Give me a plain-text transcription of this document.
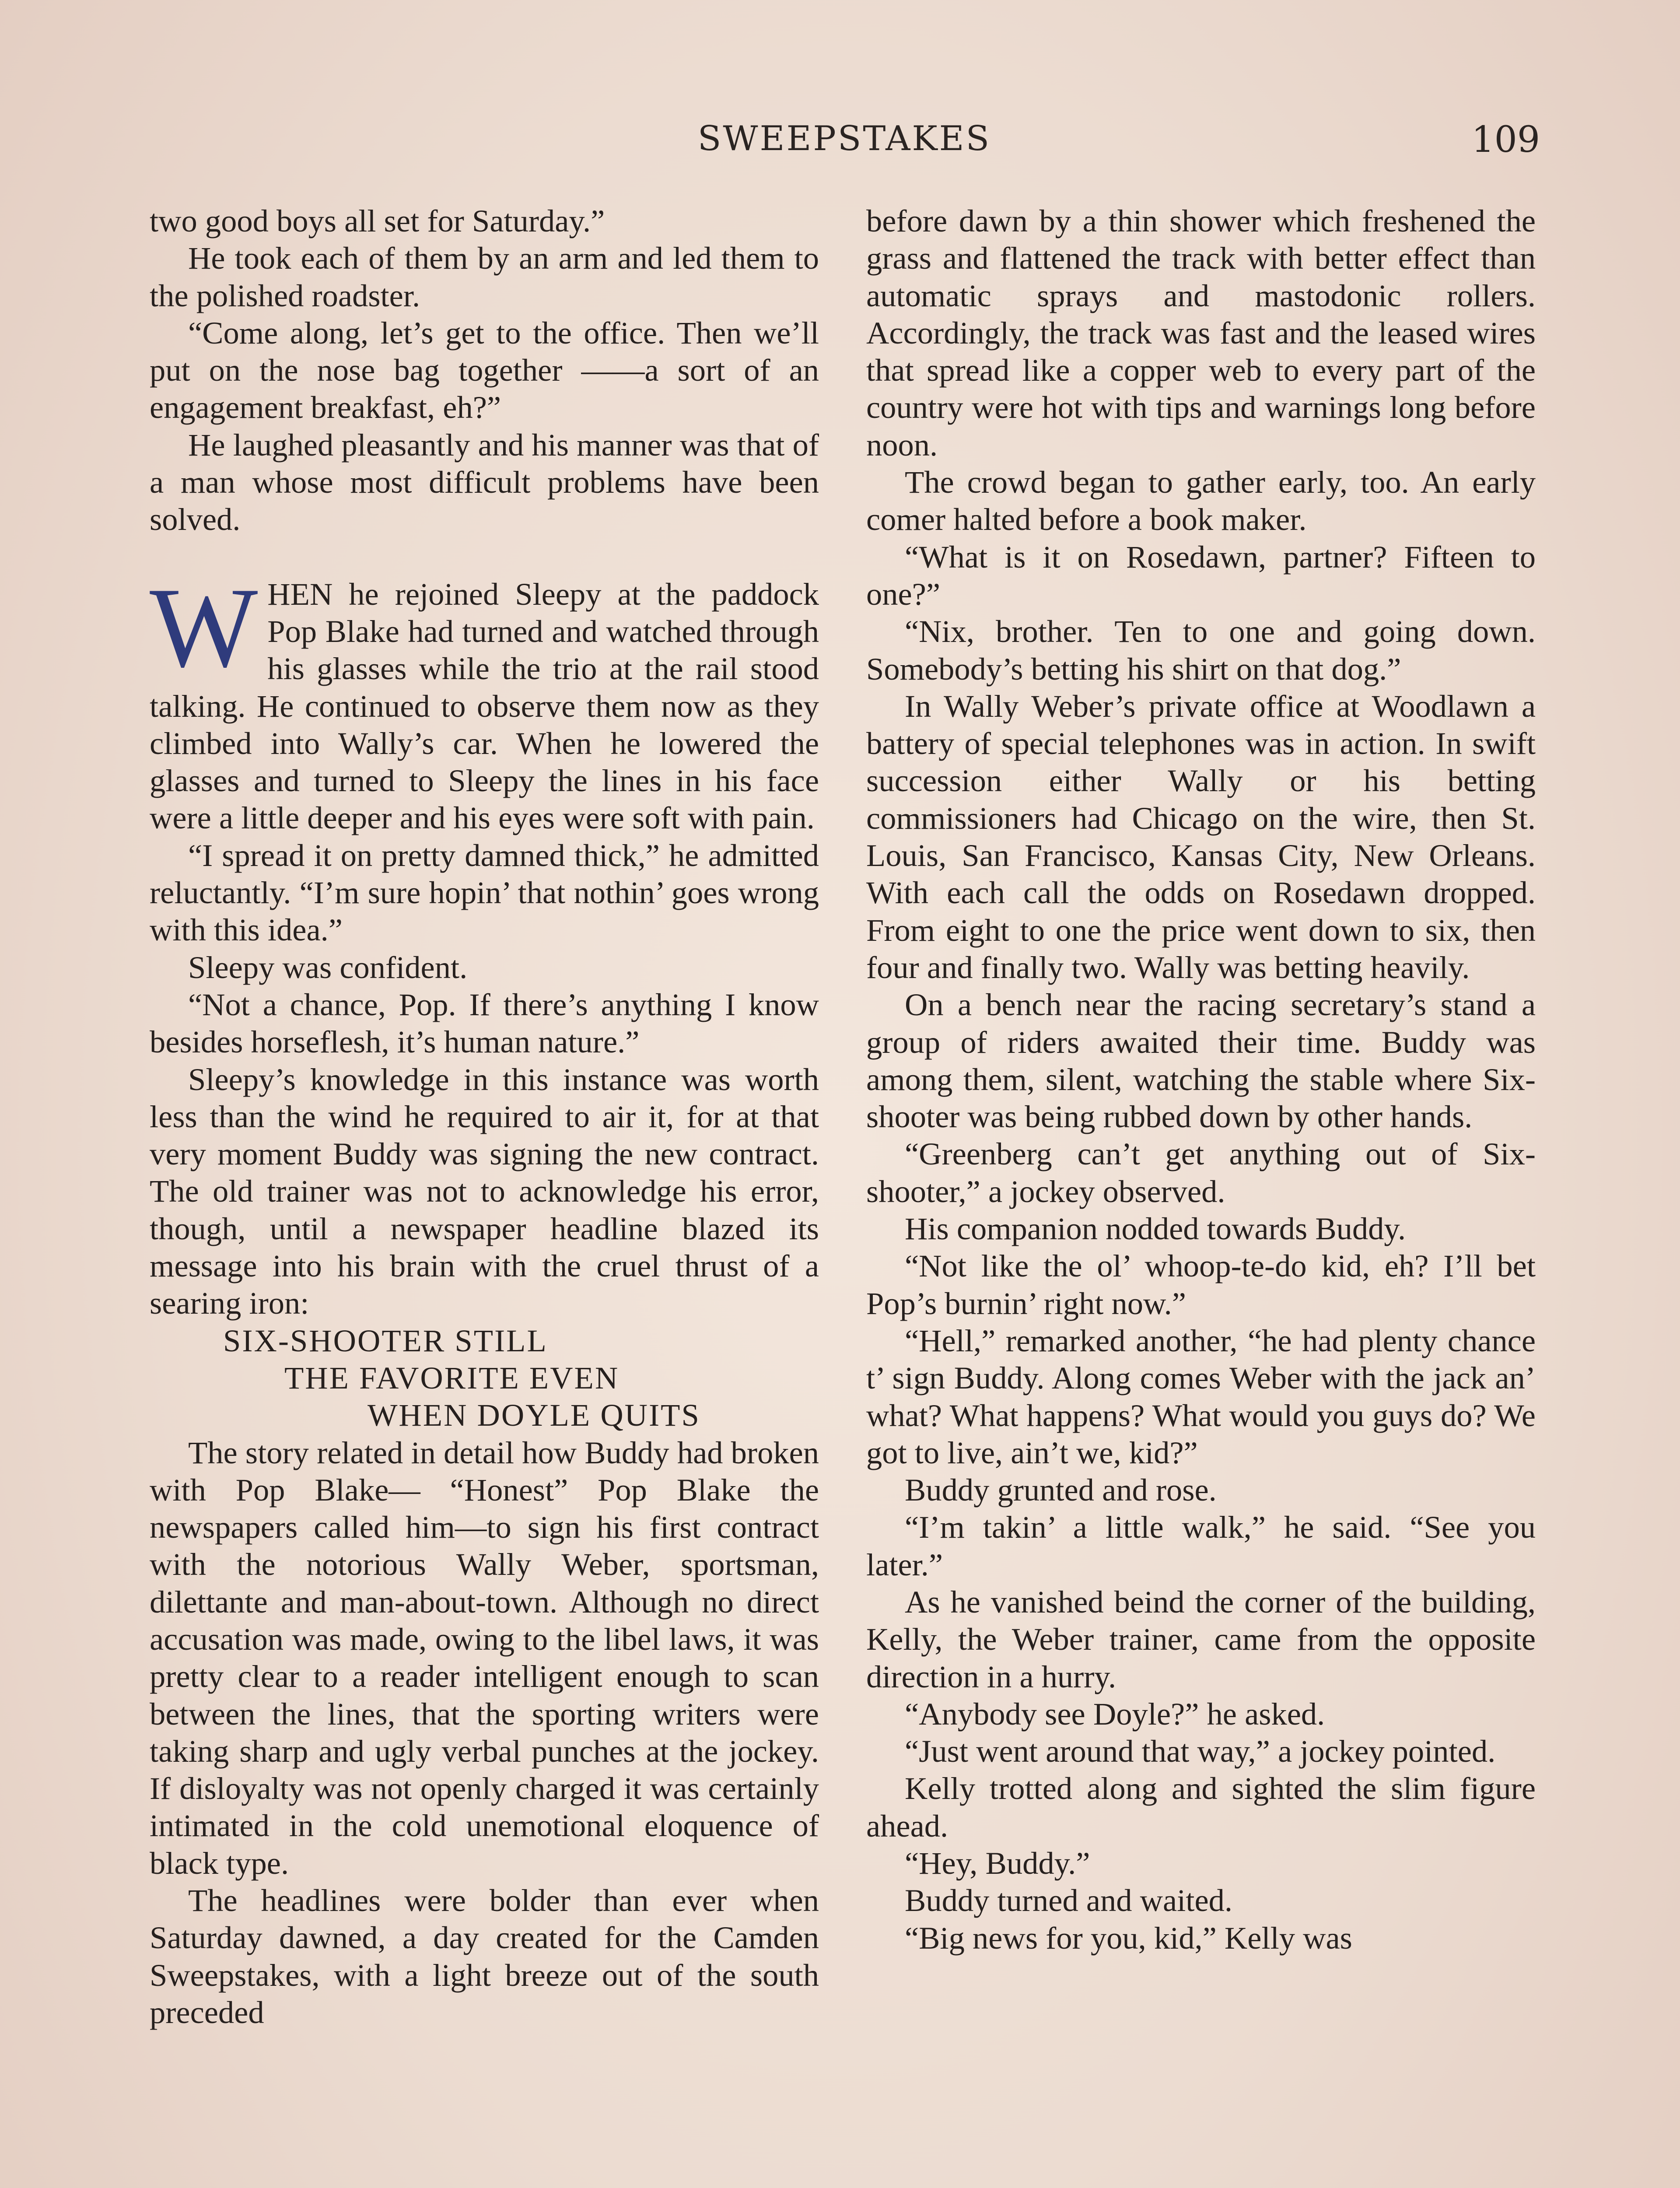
SWEEPSTAKES	109

two good boys all set for Saturday.”

He took each of them by an arm and led them to the polished roadster.

“Come along, let’s get to the office. Then we’ll put on the nose bag together ——a sort of an engagement breakfast, eh?”

He laughed pleasantly and his manner was that of a man whose most difficult problems have been solved.

WHEN he rejoined Sleepy at the paddock Pop Blake had turned and watched through his glasses while the trio at the rail stood talking. He continued to observe them now as they climbed into Wally’s car. When he lowered the glasses and turned to Sleepy the lines in his face were a little deeper and his eyes were soft with pain.

“I spread it on pretty damned thick,” he admitted reluctantly. “I’m sure hopin’ that nothin’ goes wrong with this idea.”

Sleepy was confident.

“Not a chance, Pop. If there’s anything I know besides horseflesh, it’s human nature.”

Sleepy’s knowledge in this instance was worth less than the wind he required to air it, for at that very moment Buddy was signing the new contract. The old trainer was not to acknowledge his error, though, until a newspaper headline blazed its message into his brain with the cruel thrust of a searing iron:

SIX-SHOOTER STILL

THE FAVORITE EVEN

WHEN DOYLE QUITS

The story related in detail how Buddy had broken with Pop Blake— “Honest” Pop Blake the newspapers called him—to sign his first contract with the notorious Wally Weber, sportsman, dilettante and man-about-town. Although no direct accusation was made, owing to the libel laws, it was pretty clear to a reader intelligent enough to scan between the lines, that the sporting writers were taking sharp and ugly verbal punches at the jockey. If disloyalty was not openly charged it was certainly intimated in the cold unemotional eloquence of black type.

The headlines were bolder than ever when Saturday dawned, a day created for the Camden Sweepstakes, with a light breeze out of the south preceded

before dawn by a thin shower which freshened the grass and flattened the track with better effect than automatic sprays and mastodonic rollers. Accordingly, the track was fast and the leased wires that spread like a copper web to every part of the country were hot with tips and warnings long before noon.

The crowd began to gather early, too. An early comer halted before a book maker.

“What is it on Rosedawn, partner? Fifteen to one?”

“Nix, brother. Ten to one and going down. Somebody’s betting his shirt on that dog.”

In Wally Weber’s private office at Woodlawn a battery of special telephones was in action. In swift succession either Wally or his betting commissioners had Chicago on the wire, then St. Louis, San Francisco, Kansas City, New Orleans. With each call the odds on Rosedawn dropped. From eight to one the price went down to six, then four and finally two. Wally was betting heavily.

On a bench near the racing secretary’s stand a group of riders awaited their time. Buddy was among them, silent, watching the stable where Six-shooter was being rubbed down by other hands.

“Greenberg can’t get anything out of Six-shooter,” a jockey observed.

His companion nodded towards Buddy.

“Not like the ol’ whoop-te-do kid, eh? I’ll bet Pop’s burnin’ right now.”

“Hell,” remarked another, “he had plenty chance t’ sign Buddy. Along comes Weber with the jack an’ what? What happens? What would you guys do? We got to live, ain’t we, kid?”

Buddy grunted and rose.

“I’m takin’ a little walk,” he said. “See you later.”

As he vanished beind the corner of the building, Kelly, the Weber trainer, came from the opposite direction in a hurry.

“Anybody see Doyle?” he asked.

“Just went around that way,” a jockey pointed.

Kelly trotted along and sighted the slim figure ahead.

“Hey, Buddy.”

Buddy turned and waited.

“Big news for you, kid,” Kelly was
